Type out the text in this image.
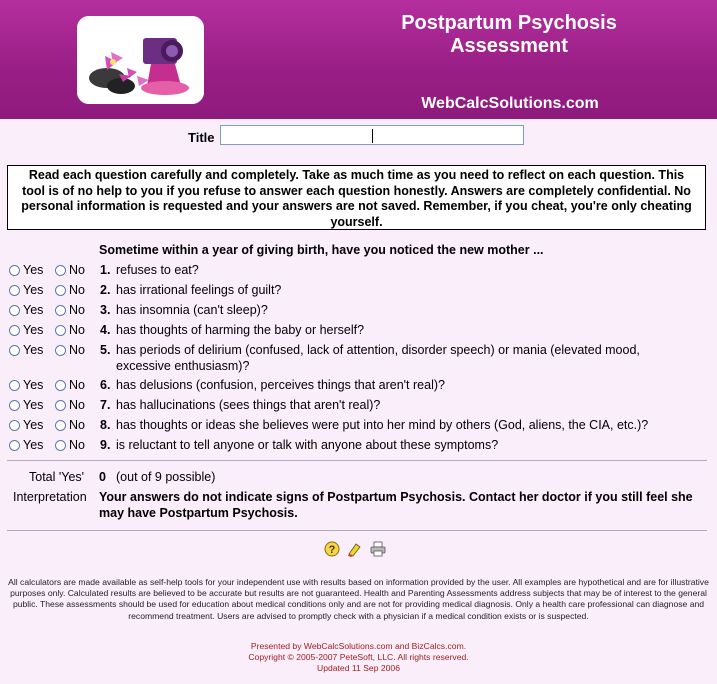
Postpartum Psychosis Assessment
WebCalcSolutions.com
Title
Read each question carefully and completely. Take as much time as you need to reflect on each question. This tool is of no help to you if you refuse to answer each question honestly. Answers are completely confidential. No personal information is requested and your answers are not saved. Remember, if you cheat, you're only cheating yourself.
Sometime within a year of giving birth, have you noticed the new mother ...
Yes No 1. refuses to eat?
Yes No 2. has irrational feelings of guilt?
Yes No 3. has insomnia (can't sleep)?
Yes No 4. has thoughts of harming the baby or herself?
Yes No 5. has periods of delirium (confused, lack of attention, disorder speech) or mania (elevated mood, excessive enthusiasm)?
Yes No 6. has delusions (confusion, perceives things that aren't real)?
Yes No 7. has hallucinations (sees things that aren't real)?
Yes No 8. has thoughts or ideas she believes were put into her mind by others (God, aliens, the CIA, etc.)?
Yes No 9. is reluctant to tell anyone or talk with anyone about these symptoms?
Total 'Yes' 0 (out of 9 possible)
Interpretation Your answers do not indicate signs of Postpartum Psychosis. Contact her doctor if you still feel she may have Postpartum Psychosis.
?
All calculators are made available as self-help tools for your independent use with results based on information provided by the user. All examples are hypothetical and are for illustrative purposes only. Calculated results are believed to be accurate but results are not guaranteed. Health and Parenting Assessments address subjects that may be of interest to the general public. These assessments should be used for education about medical conditions only and are not for providing medical diagnosis. Only a health care professional can diagnose and recommend treatment. Users are advised to promptly check with a physician if a medical condition exists or is suspected.
Presented by WebCalcSolutions.com and BizCalcs.com.
Copyright © 2005-2007 PeteSoft, LLC. All rights reserved.
Updated 11 Sep 2006
